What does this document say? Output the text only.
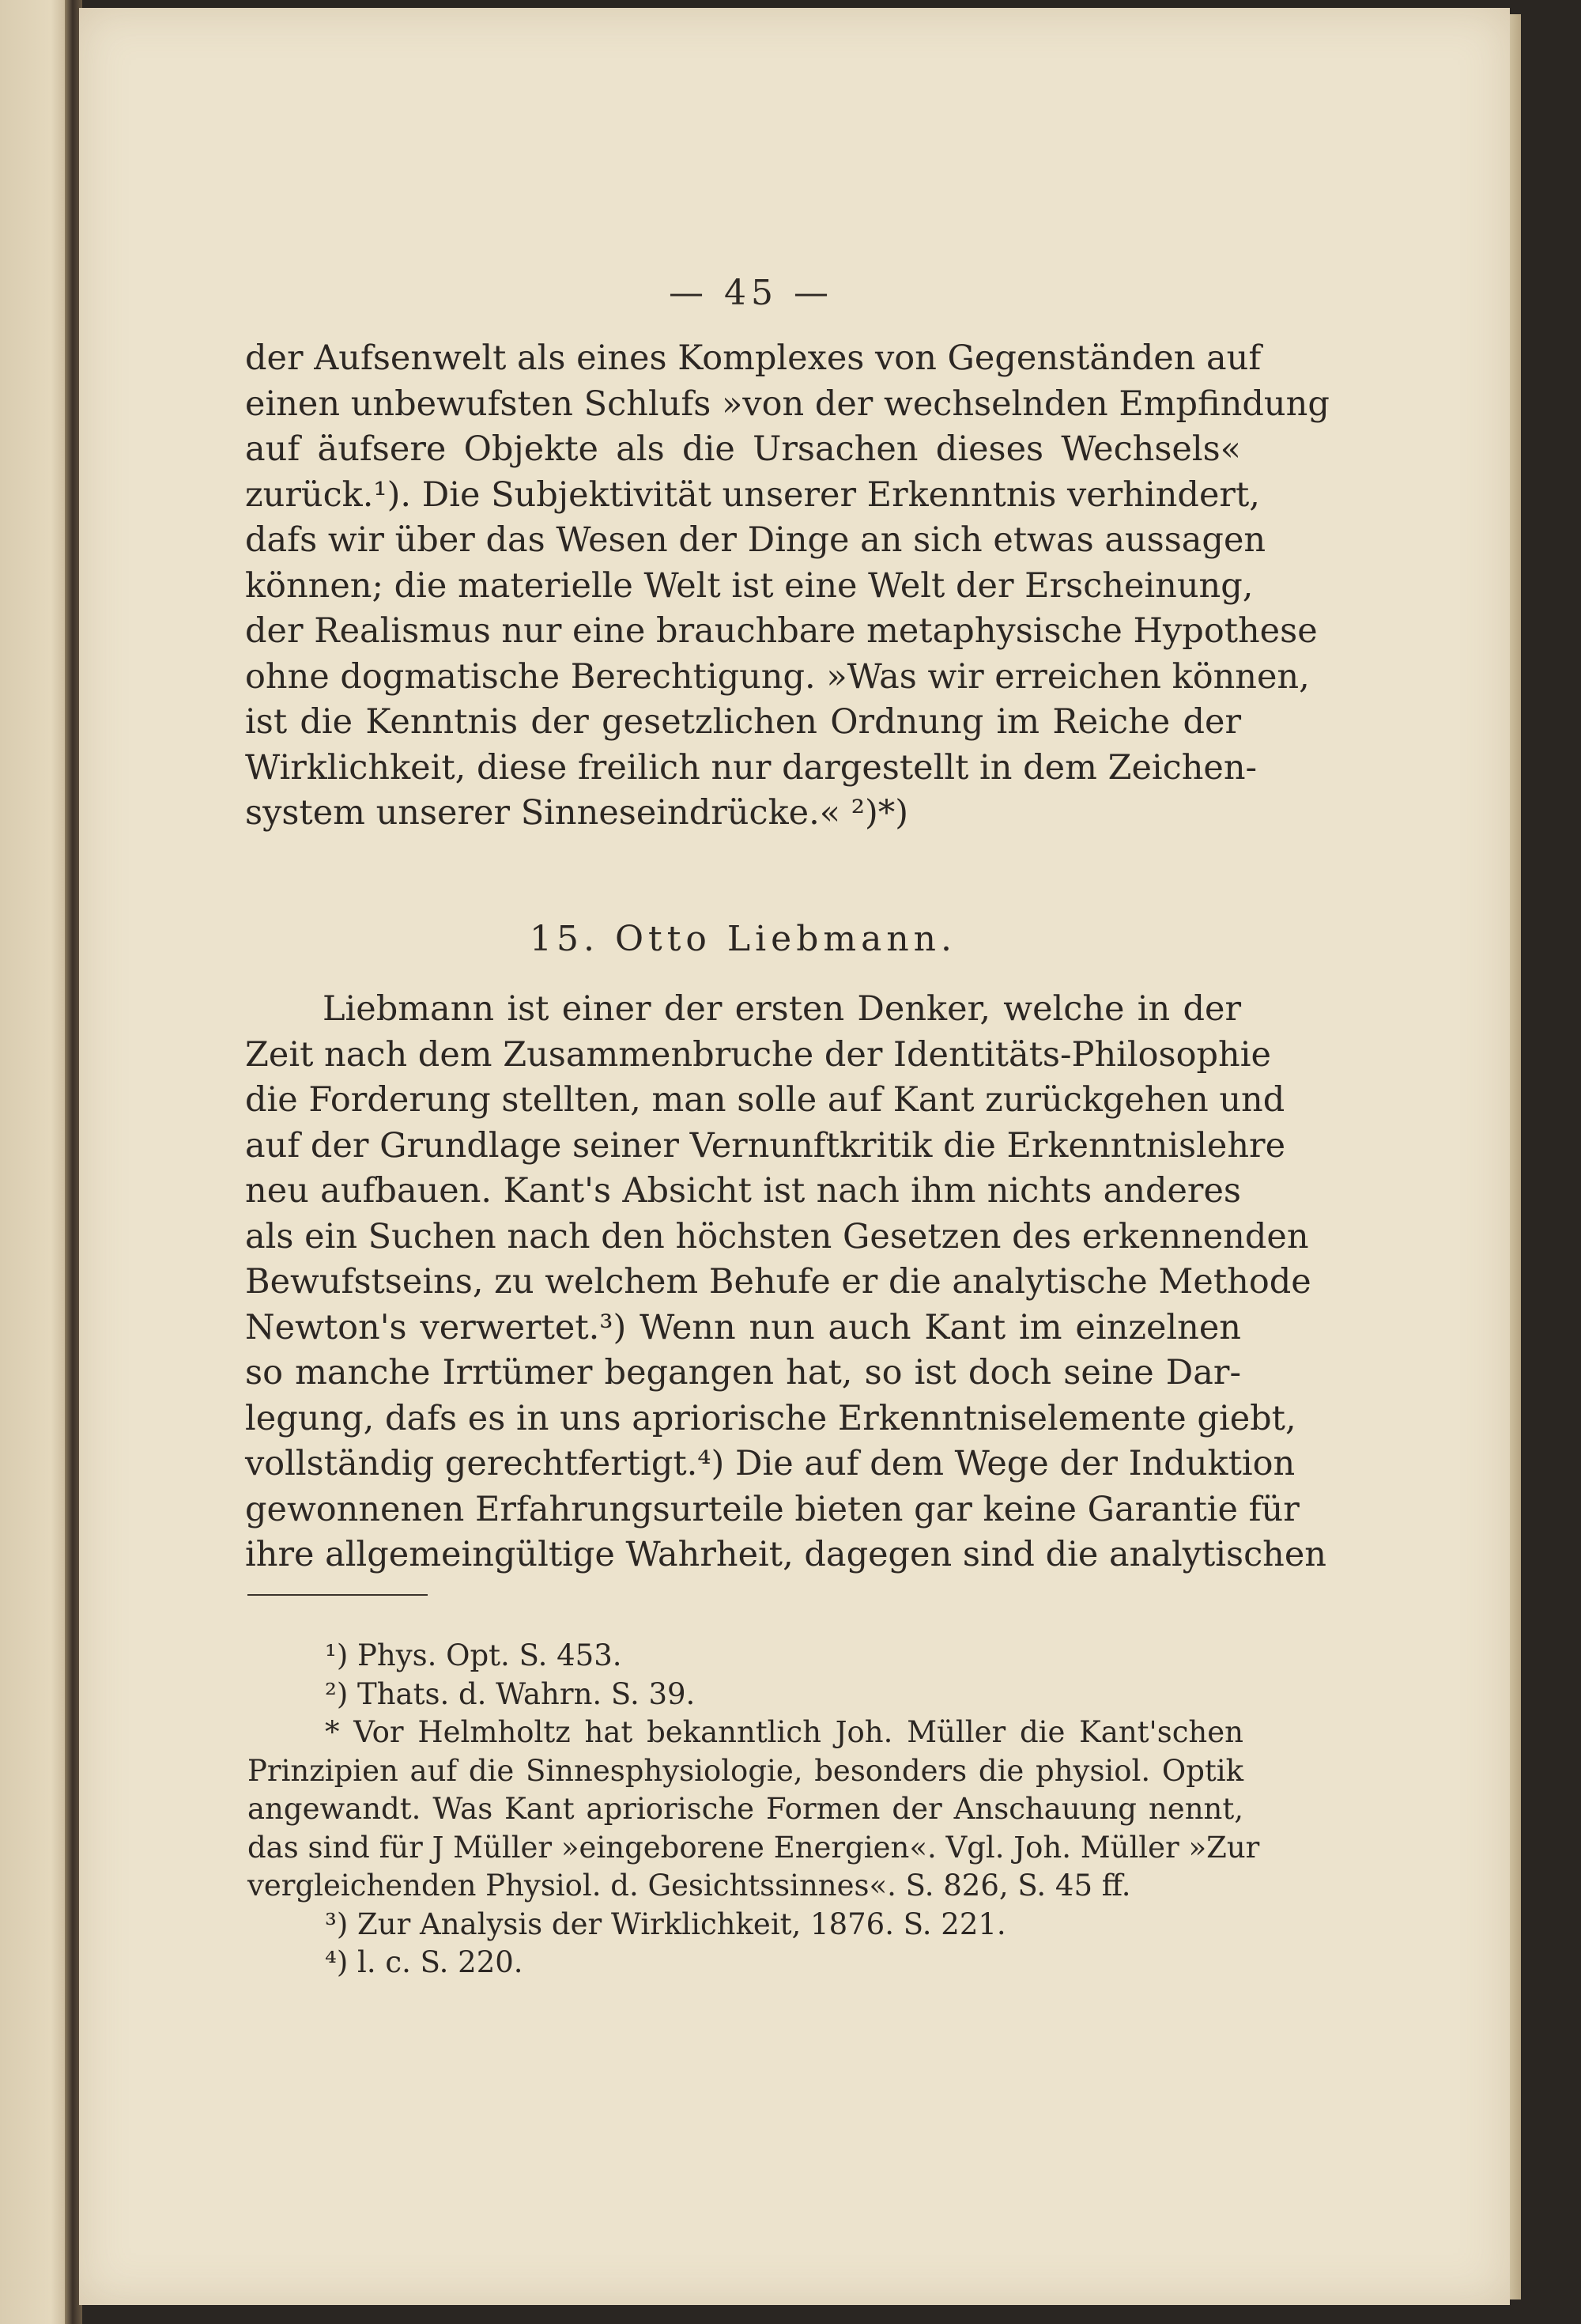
— 45 —
der Aufsenwelt als eines Komplexes von Gegenständen auf
einen unbewufsten Schlufs »von der wechselnden Empfindung
auf äufsere Objekte als die Ursachen dieses Wechsels«
zurück.¹). Die Subjektivität unserer Erkenntnis verhindert,
dafs wir über das Wesen der Dinge an sich etwas aussagen
können; die materielle Welt ist eine Welt der Erscheinung,
der Realismus nur eine brauchbare metaphysische Hypothese
ohne dogmatische Berechtigung. »Was wir erreichen können,
ist die Kenntnis der gesetzlichen Ordnung im Reiche der
Wirklichkeit, diese freilich nur dargestellt in dem Zeichen-
system unserer Sinneseindrücke.« ²)*)
15. Otto Liebmann.
Liebmann ist einer der ersten Denker, welche in der
Zeit nach dem Zusammenbruche der Identitäts-Philosophie
die Forderung stellten, man solle auf Kant zurückgehen und
auf der Grundlage seiner Vernunftkritik die Erkenntnislehre
neu aufbauen. Kant's Absicht ist nach ihm nichts anderes
als ein Suchen nach den höchsten Gesetzen des erkennenden
Bewufstseins, zu welchem Behufe er die analytische Methode
Newton's verwertet.³) Wenn nun auch Kant im einzelnen
so manche Irrtümer begangen hat, so ist doch seine Dar-
legung, dafs es in uns apriorische Erkenntniselemente giebt,
vollständig gerechtfertigt.⁴) Die auf dem Wege der Induktion
gewonnenen Erfahrungsurteile bieten gar keine Garantie für
ihre allgemeingültige Wahrheit, dagegen sind die analytischen
¹) Phys. Opt. S. 453.
²) Thats. d. Wahrn. S. 39.
* Vor Helmholtz hat bekanntlich Joh. Müller die Kant'schen
Prinzipien auf die Sinnesphysiologie, besonders die physiol. Optik
angewandt. Was Kant apriorische Formen der Anschauung nennt,
das sind für J Müller »eingeborene Energien«. Vgl. Joh. Müller »Zur
vergleichenden Physiol. d. Gesichtssinnes«. S. 826, S. 45 ff.
³) Zur Analysis der Wirklichkeit, 1876. S. 221.
⁴) l. c. S. 220.
